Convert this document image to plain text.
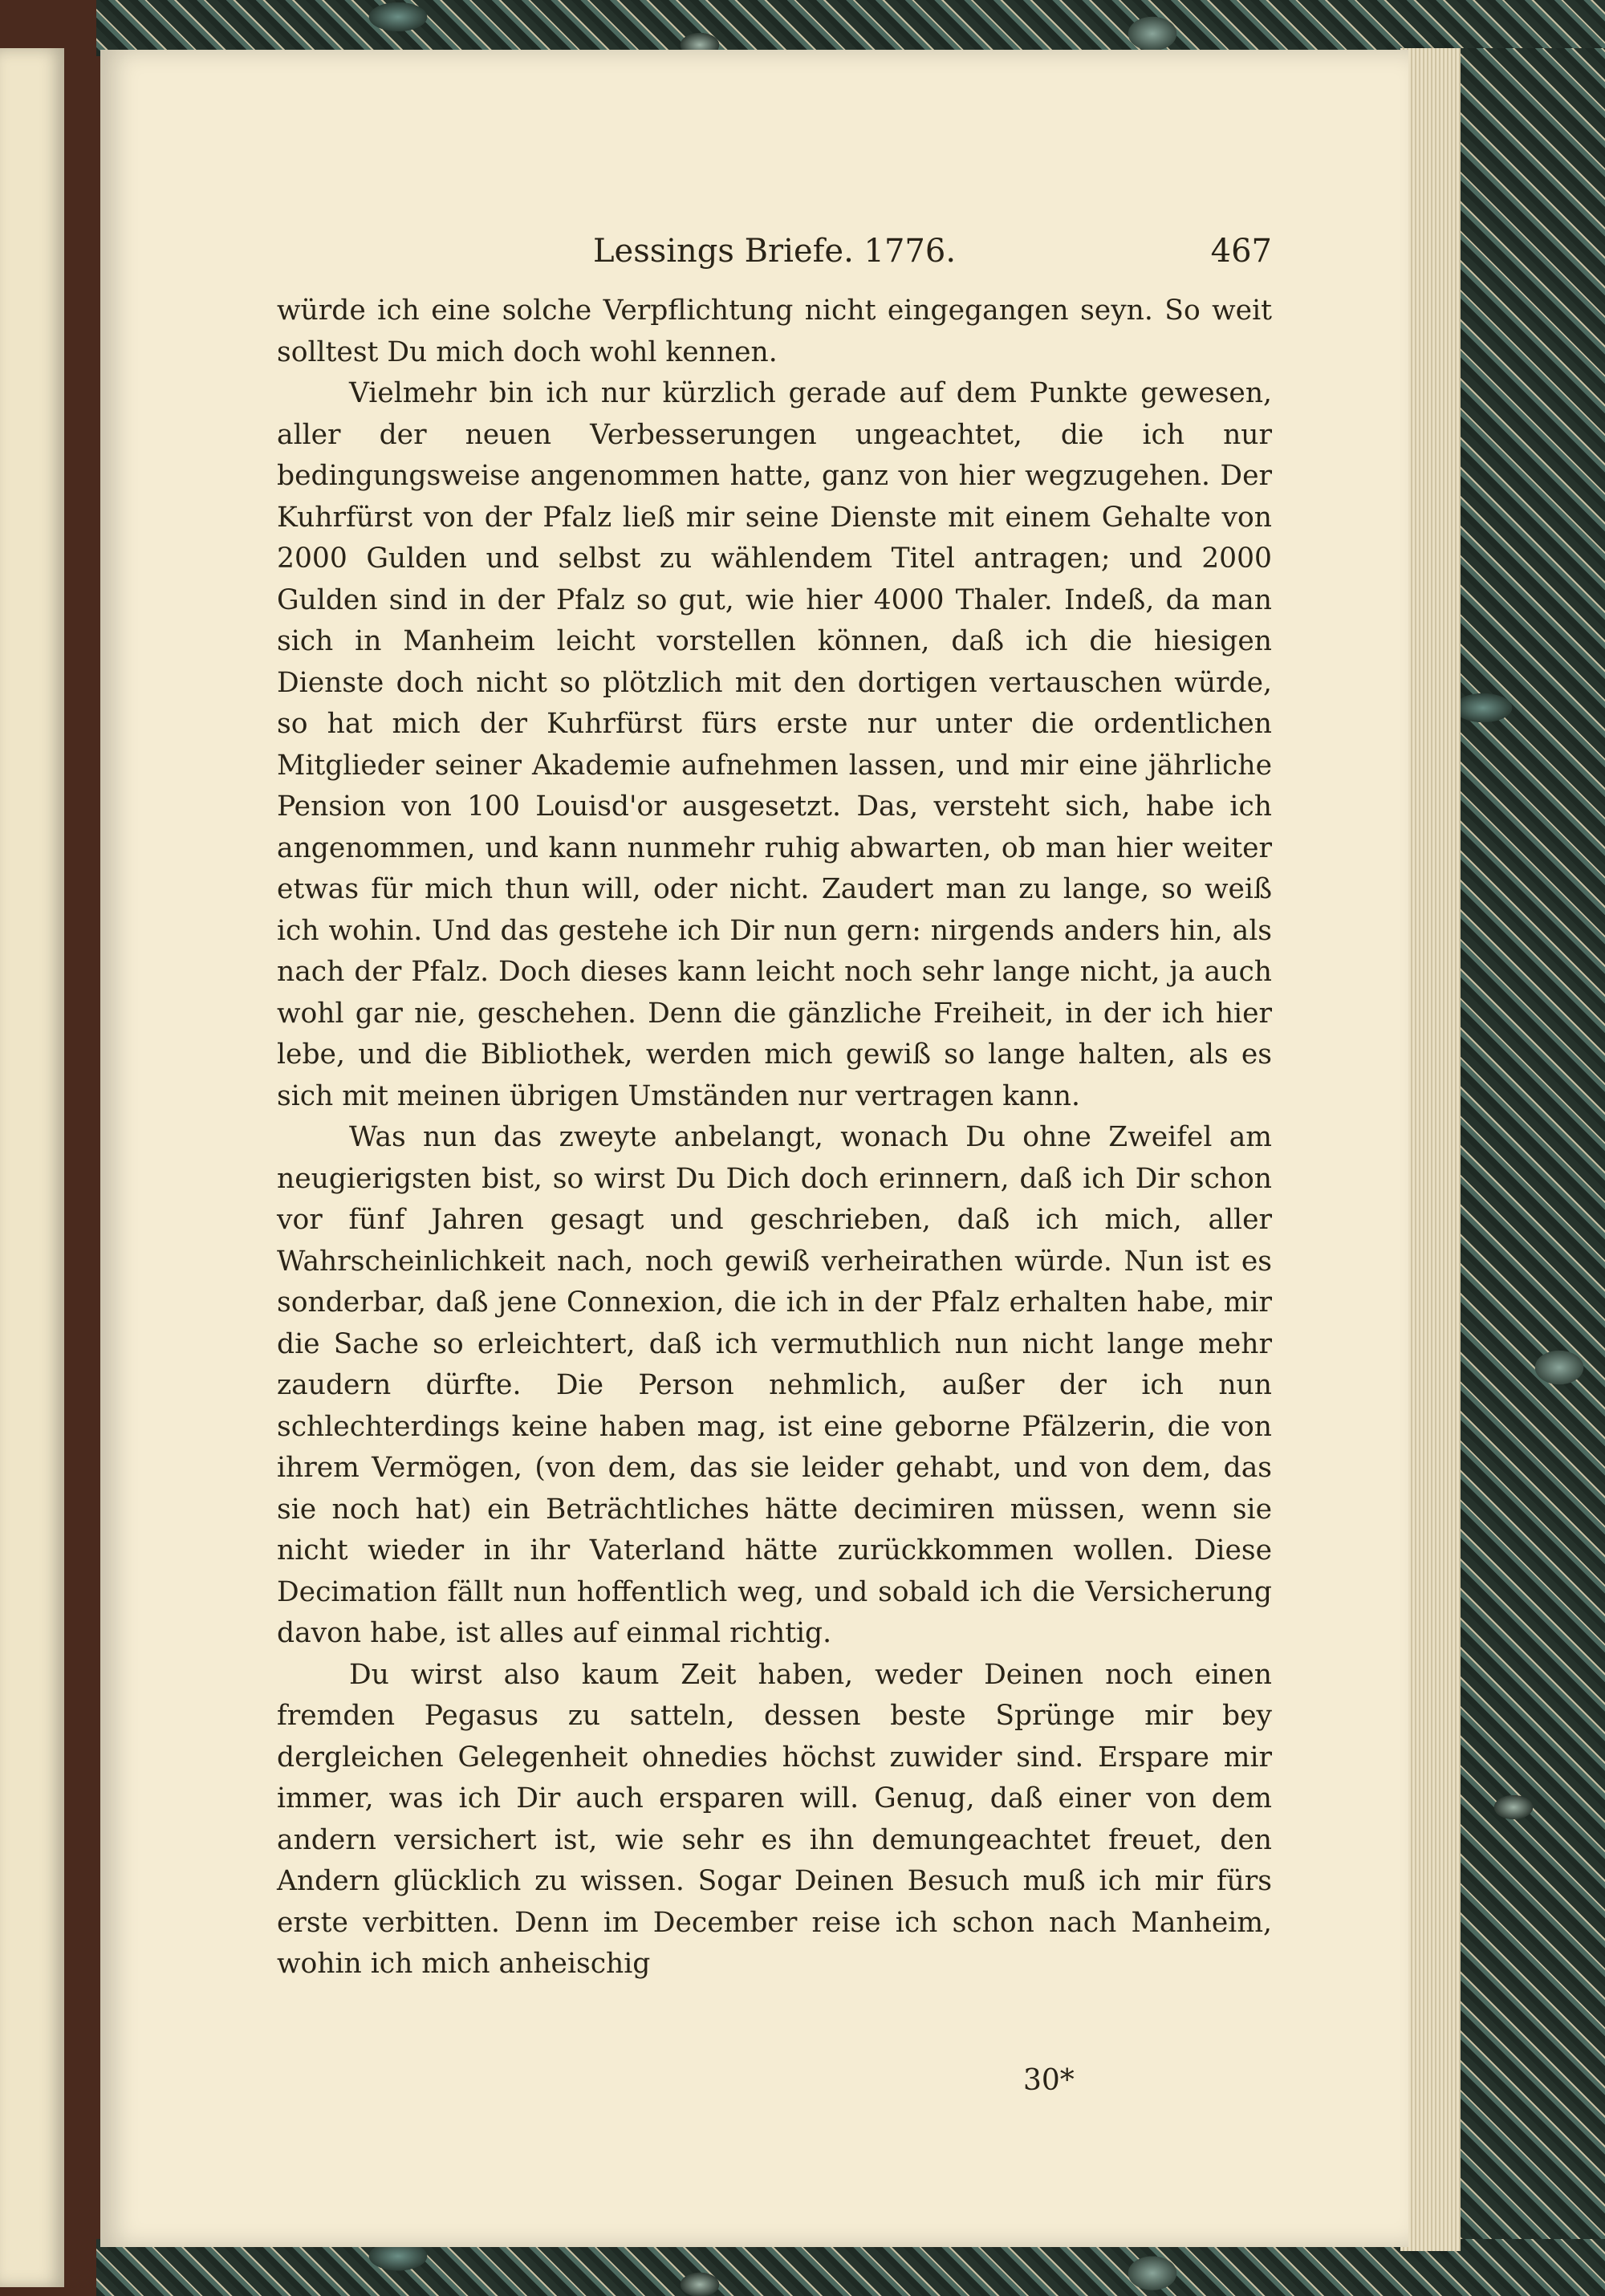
Lessings Briefe. 1776.	467

würde ich eine solche Verpflichtung nicht eingegangen seyn. So weit solltest Du mich doch wohl kennen.

Vielmehr bin ich nur kürzlich gerade auf dem Punkte gewesen, aller der neuen Verbesserungen ungeachtet, die ich nur bedingungsweise angenommen hatte, ganz von hier wegzugehen. Der Kuhrfürst von der Pfalz ließ mir seine Dienste mit einem Gehalte von 2000 Gulden und selbst zu wählendem Titel antragen; und 2000 Gulden sind in der Pfalz so gut, wie hier 4000 Thaler. Indeß, da man sich in Manheim leicht vorstellen können, daß ich die hiesigen Dienste doch nicht so plötzlich mit den dortigen vertauschen würde, so hat mich der Kuhrfürst fürs erste nur unter die ordentlichen Mitglieder seiner Akademie aufnehmen lassen, und mir eine jährliche Pension von 100 Louisd'or ausgesetzt. Das, versteht sich, habe ich angenommen, und kann nunmehr ruhig abwarten, ob man hier weiter etwas für mich thun will, oder nicht. Zaudert man zu lange, so weiß ich wohin. Und das gestehe ich Dir nun gern: nirgends anders hin, als nach der Pfalz. Doch dieses kann leicht noch sehr lange nicht, ja auch wohl gar nie, geschehen. Denn die gänzliche Freiheit, in der ich hier lebe, und die Bibliothek, werden mich gewiß so lange halten, als es sich mit meinen übrigen Umständen nur vertragen kann.

Was nun das zweyte anbelangt, wonach Du ohne Zweifel am neugierigsten bist, so wirst Du Dich doch erinnern, daß ich Dir schon vor fünf Jahren gesagt und geschrieben, daß ich mich, aller Wahrscheinlichkeit nach, noch gewiß verheirathen würde. Nun ist es sonderbar, daß jene Connexion, die ich in der Pfalz erhalten habe, mir die Sache so erleichtert, daß ich vermuthlich nun nicht lange mehr zaudern dürfte. Die Person nehmlich, außer der ich nun schlechterdings keine haben mag, ist eine geborne Pfälzerin, die von ihrem Vermögen, (von dem, das sie leider gehabt, und von dem, das sie noch hat) ein Beträchtliches hätte decimiren müssen, wenn sie nicht wieder in ihr Vaterland hätte zurückkommen wollen. Diese Decimation fällt nun hoffentlich weg, und sobald ich die Versicherung davon habe, ist alles auf einmal richtig.

Du wirst also kaum Zeit haben, weder Deinen noch einen fremden Pegasus zu satteln, dessen beste Sprünge mir bey dergleichen Gelegenheit ohnedies höchst zuwider sind. Erspare mir immer, was ich Dir auch ersparen will. Genug, daß einer von dem andern versichert ist, wie sehr es ihn demungeachtet freuet, den Andern glücklich zu wissen. Sogar Deinen Besuch muß ich mir fürs erste verbitten. Denn im December reise ich schon nach Manheim, wohin ich mich anheischig

30*
